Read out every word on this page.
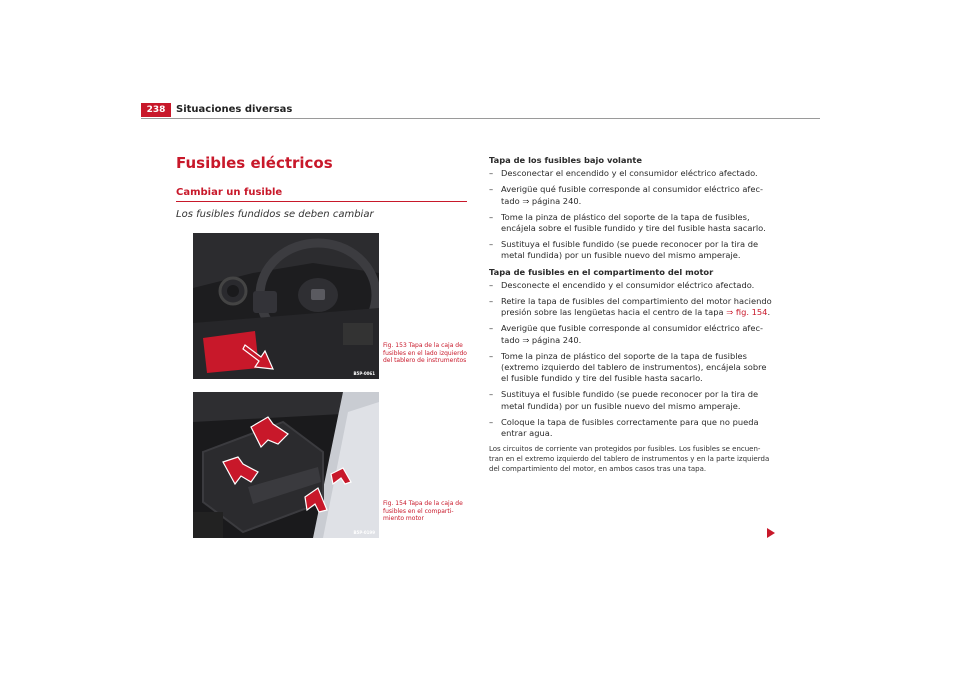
238	Situaciones diversas
Fusibles eléctricos
Cambiar un fusible
Los fusibles fundidos se deben cambiar
B5P-0061
Fig. 153 Tapa de la caja de fusibles en el lado izquierdo del tablero de instrumentos
B5P-0199
Fig. 154 Tapa de la caja de fusibles en el comparti-miento motor
Tapa de los fusibles bajo volante
– Desconectar el encendido y el consumidor eléctrico afectado.
– Averigüe qué fusible corresponde al consumidor eléctrico afec-tado ⇒ página 240.
– Tome la pinza de plástico del soporte de la tapa de fusibles, encájela sobre el fusible fundido y tire del fusible hasta sacarlo.
– Sustituya el fusible fundido (se puede reconocer por la tira de metal fundida) por un fusible nuevo del mismo amperaje.
Tapa de fusibles en el compartimento del motor
– Desconecte el encendido y el consumidor eléctrico afectado.
– Retire la tapa de fusibles del compartimiento del motor haciendo presión sobre las lengüetas hacia el centro de la tapa ⇒ fig. 154.
– Averigüe que fusible corresponde al consumidor eléctrico afec-tado ⇒ página 240.
– Tome la pinza de plástico del soporte de la tapa de fusibles (extremo izquierdo del tablero de instrumentos), encájela sobre el fusible fundido y tire del fusible hasta sacarlo.
– Sustituya el fusible fundido (se puede reconocer por la tira de metal fundida) por un fusible nuevo del mismo amperaje.
– Coloque la tapa de fusibles correctamente para que no pueda entrar agua.
Los circuitos de corriente van protegidos por fusibles. Los fusibles se encuen-tran en el extremo izquierdo del tablero de instrumentos y en la parte izquierda del compartimiento del motor, en ambos casos tras una tapa.
